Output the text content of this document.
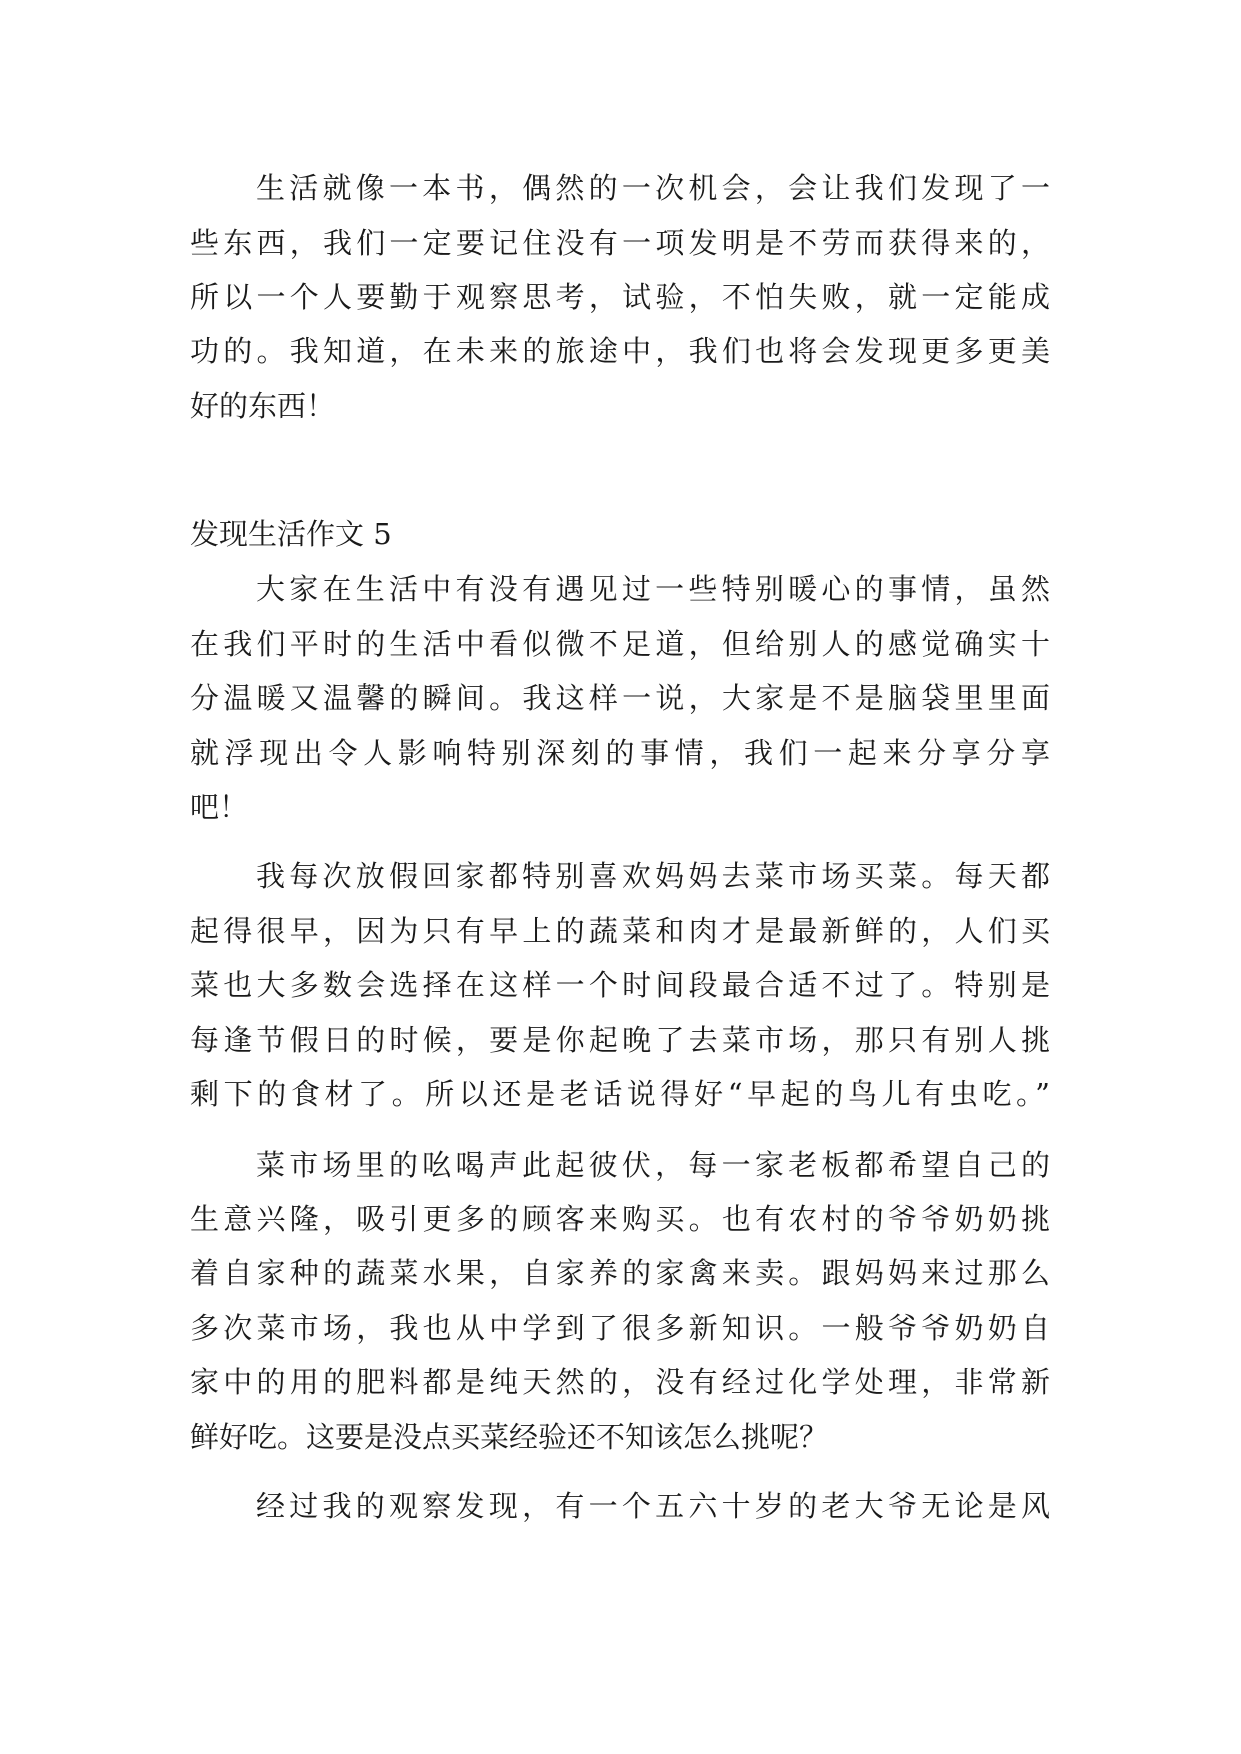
生活就像一本书，偶然的一次机会，会让我们发现了一
些东西，我们一定要记住没有一项发明是不劳而获得来的，
所以一个人要勤于观察思考，试验，不怕失败，就一定能成
功的。我知道，在未来的旅途中，我们也将会发现更多更美
好的东西！
发现生活作文 5
大家在生活中有没有遇见过一些特别暖心的事情，虽然
在我们平时的生活中看似微不足道，但给别人的感觉确实十
分温暖又温馨的瞬间。我这样一说，大家是不是脑袋里里面
就浮现出令人影响特别深刻的事情，我们一起来分享分享
吧！
我每次放假回家都特别喜欢妈妈去菜市场买菜。每天都
起得很早，因为只有早上的蔬菜和肉才是最新鲜的，人们买
菜也大多数会选择在这样一个时间段最合适不过了。特别是
每逢节假日的时候，要是你起晚了去菜市场，那只有别人挑
剩下的食材了。所以还是老话说得好“早起的鸟儿有虫吃。”
菜市场里的吆喝声此起彼伏，每一家老板都希望自己的
生意兴隆，吸引更多的顾客来购买。也有农村的爷爷奶奶挑
着自家种的蔬菜水果，自家养的家禽来卖。跟妈妈来过那么
多次菜市场，我也从中学到了很多新知识。一般爷爷奶奶自
家中的用的肥料都是纯天然的，没有经过化学处理，非常新
鲜好吃。这要是没点买菜经验还不知该怎么挑呢？
经过我的观察发现，有一个五六十岁的老大爷无论是风
